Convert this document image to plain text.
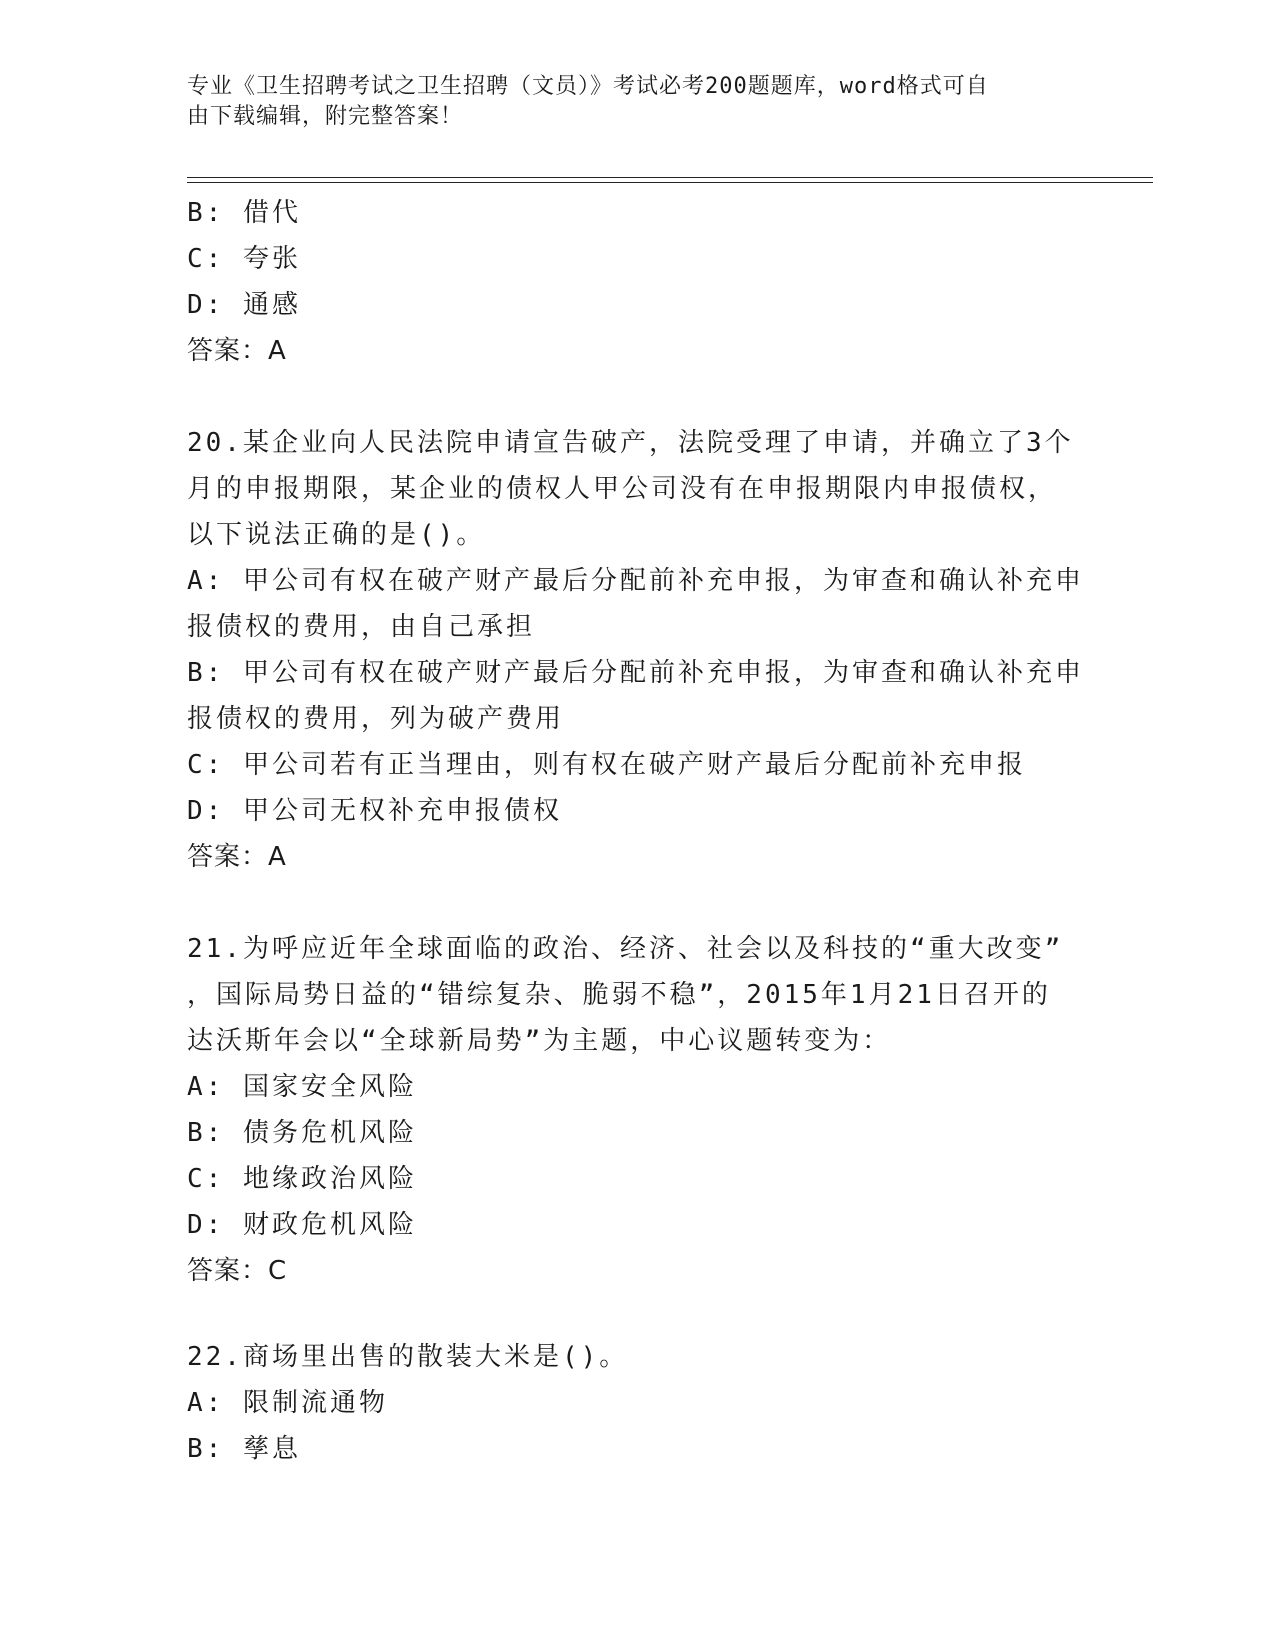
专业《卫生招聘考试之卫生招聘（文员）》考试必考200题题库，word格式可自
由下载编辑，附完整答案！
B: 借代
C: 夸张
D: 通感
答案：A
20.某企业向人民法院申请宣告破产，法院受理了申请，并确立了3个
月的申报期限，某企业的债权人甲公司没有在申报期限内申报债权，
以下说法正确的是()。
A: 甲公司有权在破产财产最后分配前补充申报，为审查和确认补充申
报债权的费用，由自己承担
B: 甲公司有权在破产财产最后分配前补充申报，为审查和确认补充申
报债权的费用，列为破产费用
C: 甲公司若有正当理由，则有权在破产财产最后分配前补充申报
D: 甲公司无权补充申报债权
答案：A
21.为呼应近年全球面临的政治、经济、社会以及科技的“重大改变”
，国际局势日益的“错综复杂、脆弱不稳”，2015年1月21日召开的
达沃斯年会以“全球新局势”为主题，中心议题转变为：
A: 国家安全风险
B: 债务危机风险
C: 地缘政治风险
D: 财政危机风险
答案：C
22.商场里出售的散装大米是()。
A: 限制流通物
B: 孳息
